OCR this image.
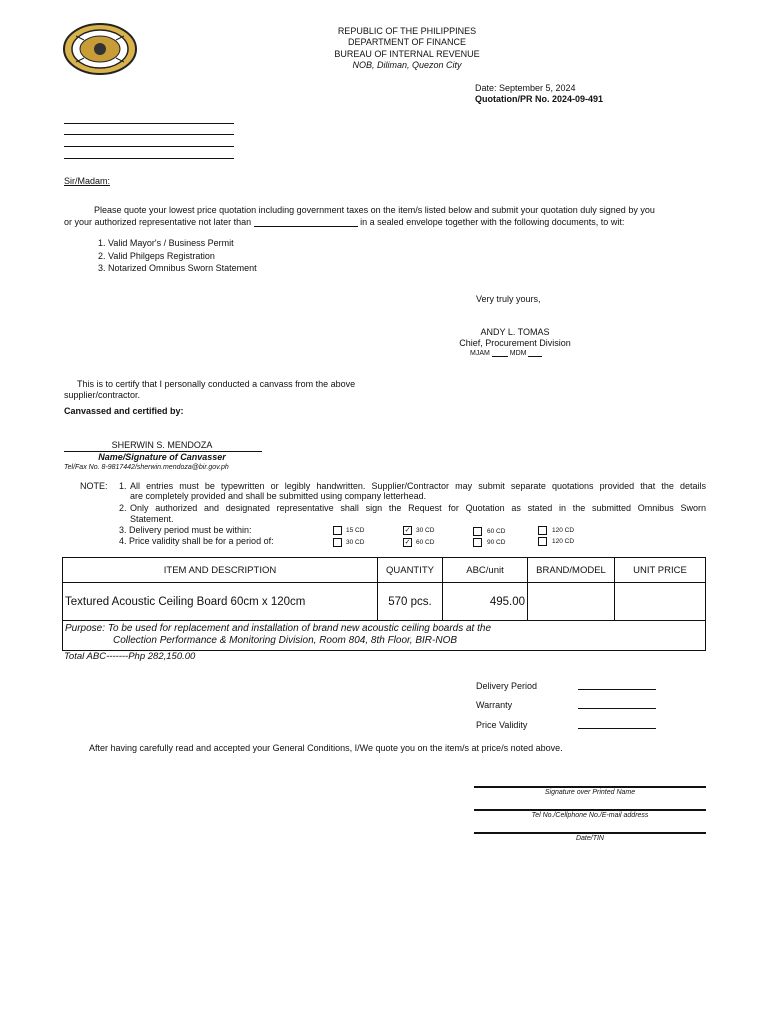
REPUBLIC OF THE PHILIPPINES
DEPARTMENT OF FINANCE
BUREAU OF INTERNAL REVENUE
NOB, Diliman, Quezon City
Date: September 5, 2024
Quotation/PR No. 2024-09-491
Sir/Madam:
Please quote your lowest price quotation including government taxes on the item/s listed below and submit your quotation duly signed by you
or your authorized representative not later than	in a sealed envelope together with the following documents, to wit:
1. Valid Mayor's / Business Permit
2. Valid Philgeps Registration
3. Notarized Omnibus Sworn Statement
Very truly yours,
ANDY L. TOMAS
Chief, Procurement Division
MJAM	MDM
This is to certify that I personally conducted a canvass from the above
supplier/contractor.
Canvassed and certified by:
SHERWIN S. MENDOZA
Name/Signature of Canvasser
Tel/Fax No. 8-9817442/sherwin.mendoza@bir.gov.ph
NOTE: 1. All entries must be typewritten or legibly handwritten. Supplier/Contractor may submit separate quotations provided that the details
are completely provided and shall be submitted using company letterhead.
2. Only authorized and designated representative shall sign the Request for Quotation as stated in the submitted Omnibus Sworn
Statement.
3. Delivery period must be within:
4. Price validity shall be for a period of:
15 CD	✓ 30 CD	60 CD	120 CD
30 CD	✓ 60 CD	90 CD	120 CD
ITEM AND DESCRIPTION	QUANTITY	ABC/unit	BRAND/MODEL	UNIT PRICE
Textured Acoustic Ceiling Board 60cm x 120cm	570 pcs.	495.00		
Purpose: To be used for replacement and installation of brand new acoustic ceiling boards at the
Collection Performance & Monitoring Division, Room 804, 8th Floor, BIR-NOB				
Total ABC-------Php 282,150.00
Delivery Period
Warranty
Price Validity
After having carefully read and accepted your General Conditions, I/We quote you on the item/s at price/s noted above.
Signature over Printed Name
Tel No./Cellphone No./E-mail address
Date/TIN
